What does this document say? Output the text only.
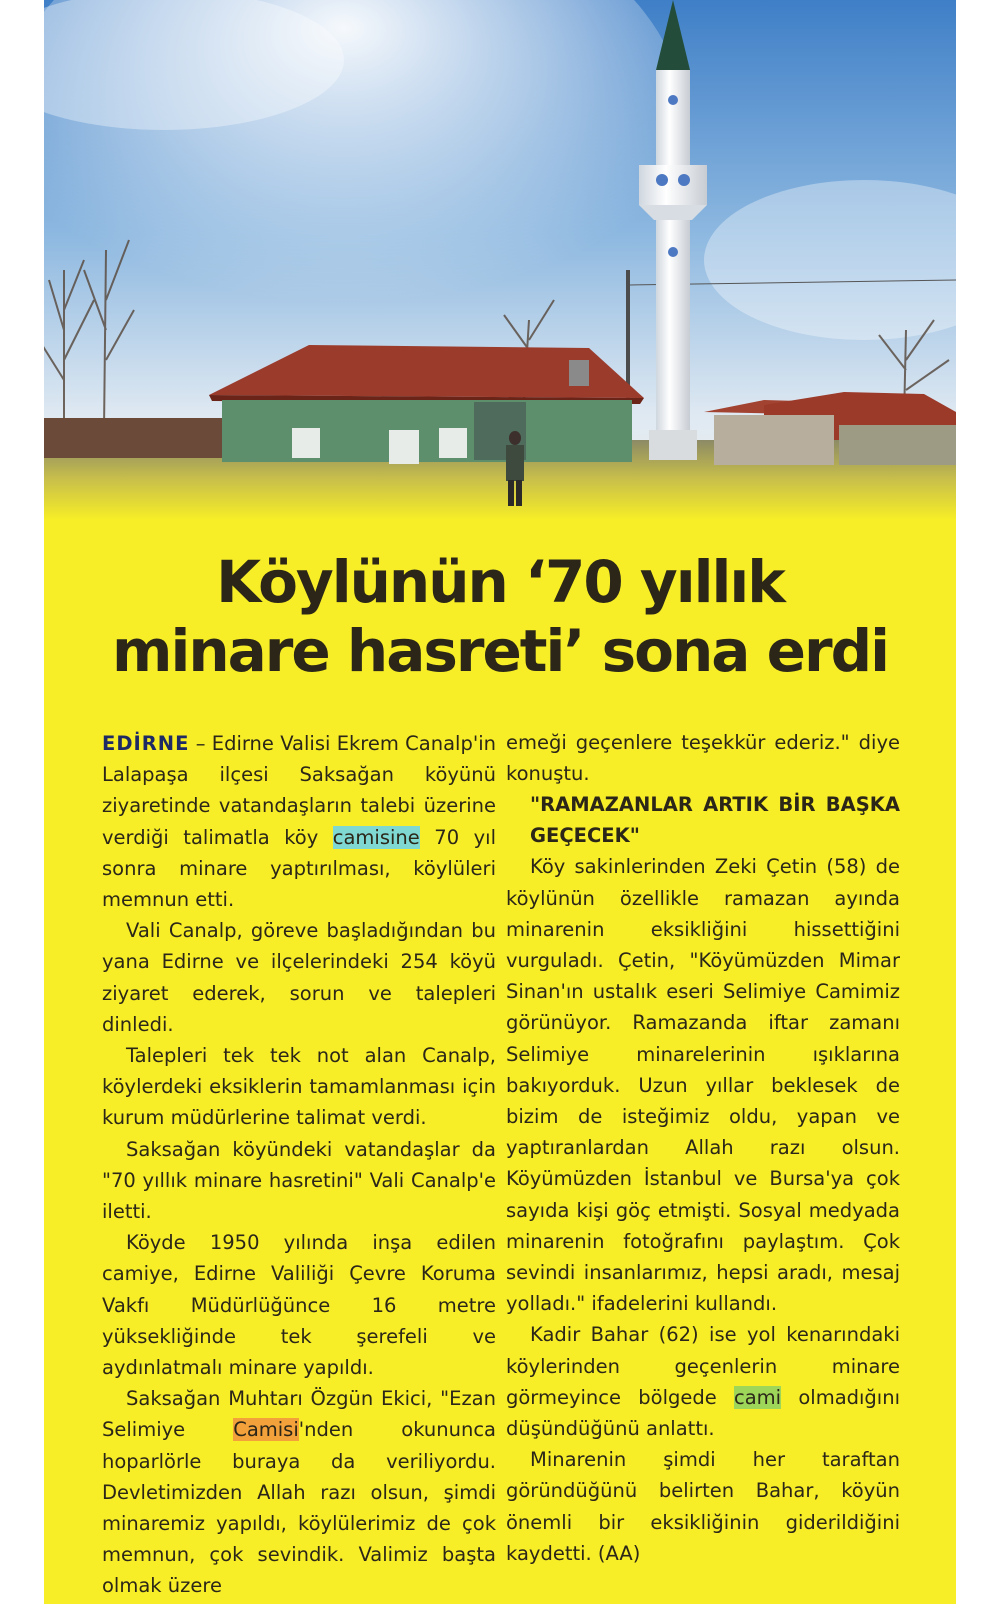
Köylünün ‘70 yıllık
minare hasreti’ sona erdi

EDİRNE – Edirne Valisi Ekrem Canalp'in Lalapaşa ilçesi Saksağan köyünü ziyaretinde vatandaşların talebi üzerine verdiği talimatla köy camisine 70 yıl sonra minare yaptırılması, köylüleri memnun etti.

Vali Canalp, göreve başladığından bu yana Edirne ve ilçelerindeki 254 köyü ziyaret ederek, sorun ve talepleri dinledi.

Talepleri tek tek not alan Canalp, köylerdeki eksiklerin tamamlanması için kurum müdürlerine talimat verdi.

Saksağan köyündeki vatandaşlar da "70 yıllık minare hasretini" Vali Canalp'e iletti.

Köyde 1950 yılında inşa edilen camiye, Edirne Valiliği Çevre Koruma Vakfı Müdürlüğünce 16 metre yüksekliğinde tek şerefeli ve aydınlatmalı minare yapıldı.

Saksağan Muhtarı Özgün Ekici, "Ezan Selimiye Camisi'nden okununca hoparlörle buraya da veriliyordu. Devletimizden Allah razı olsun, şimdi minaremiz yapıldı, köylülerimiz de çok memnun, çok sevindik. Valimiz başta olmak üzere

emeği geçenlere teşekkür ederiz." diye konuştu.

"RAMAZANLAR ARTIK BİR BAŞKA GEÇECEK"

Köy sakinlerinden Zeki Çetin (58) de köylünün özellikle ramazan ayında minarenin eksikliğini hissettiğini vurguladı. Çetin, "Köyümüzden Mimar Sinan'ın ustalık eseri Selimiye Camimiz görünüyor. Ramazanda iftar zamanı Selimiye minarelerinin ışıklarına bakıyorduk. Uzun yıllar beklesek de bizim de isteğimiz oldu, yapan ve yaptıranlardan Allah razı olsun. Köyümüzden İstanbul ve Bursa'ya çok sayıda kişi göç etmişti. Sosyal medyada minarenin fotoğrafını paylaştım. Çok sevindi insanlarımız, hepsi aradı, mesaj yolladı." ifadelerini kullandı.

Kadir Bahar (62) ise yol kenarındaki köylerinden geçenlerin minare görmeyince bölgede cami olmadığını düşündüğünü anlattı.

Minarenin şimdi her taraftan göründüğünü belirten Bahar, köyün önemli bir eksikliğinin giderildiğini kaydetti. (AA)
